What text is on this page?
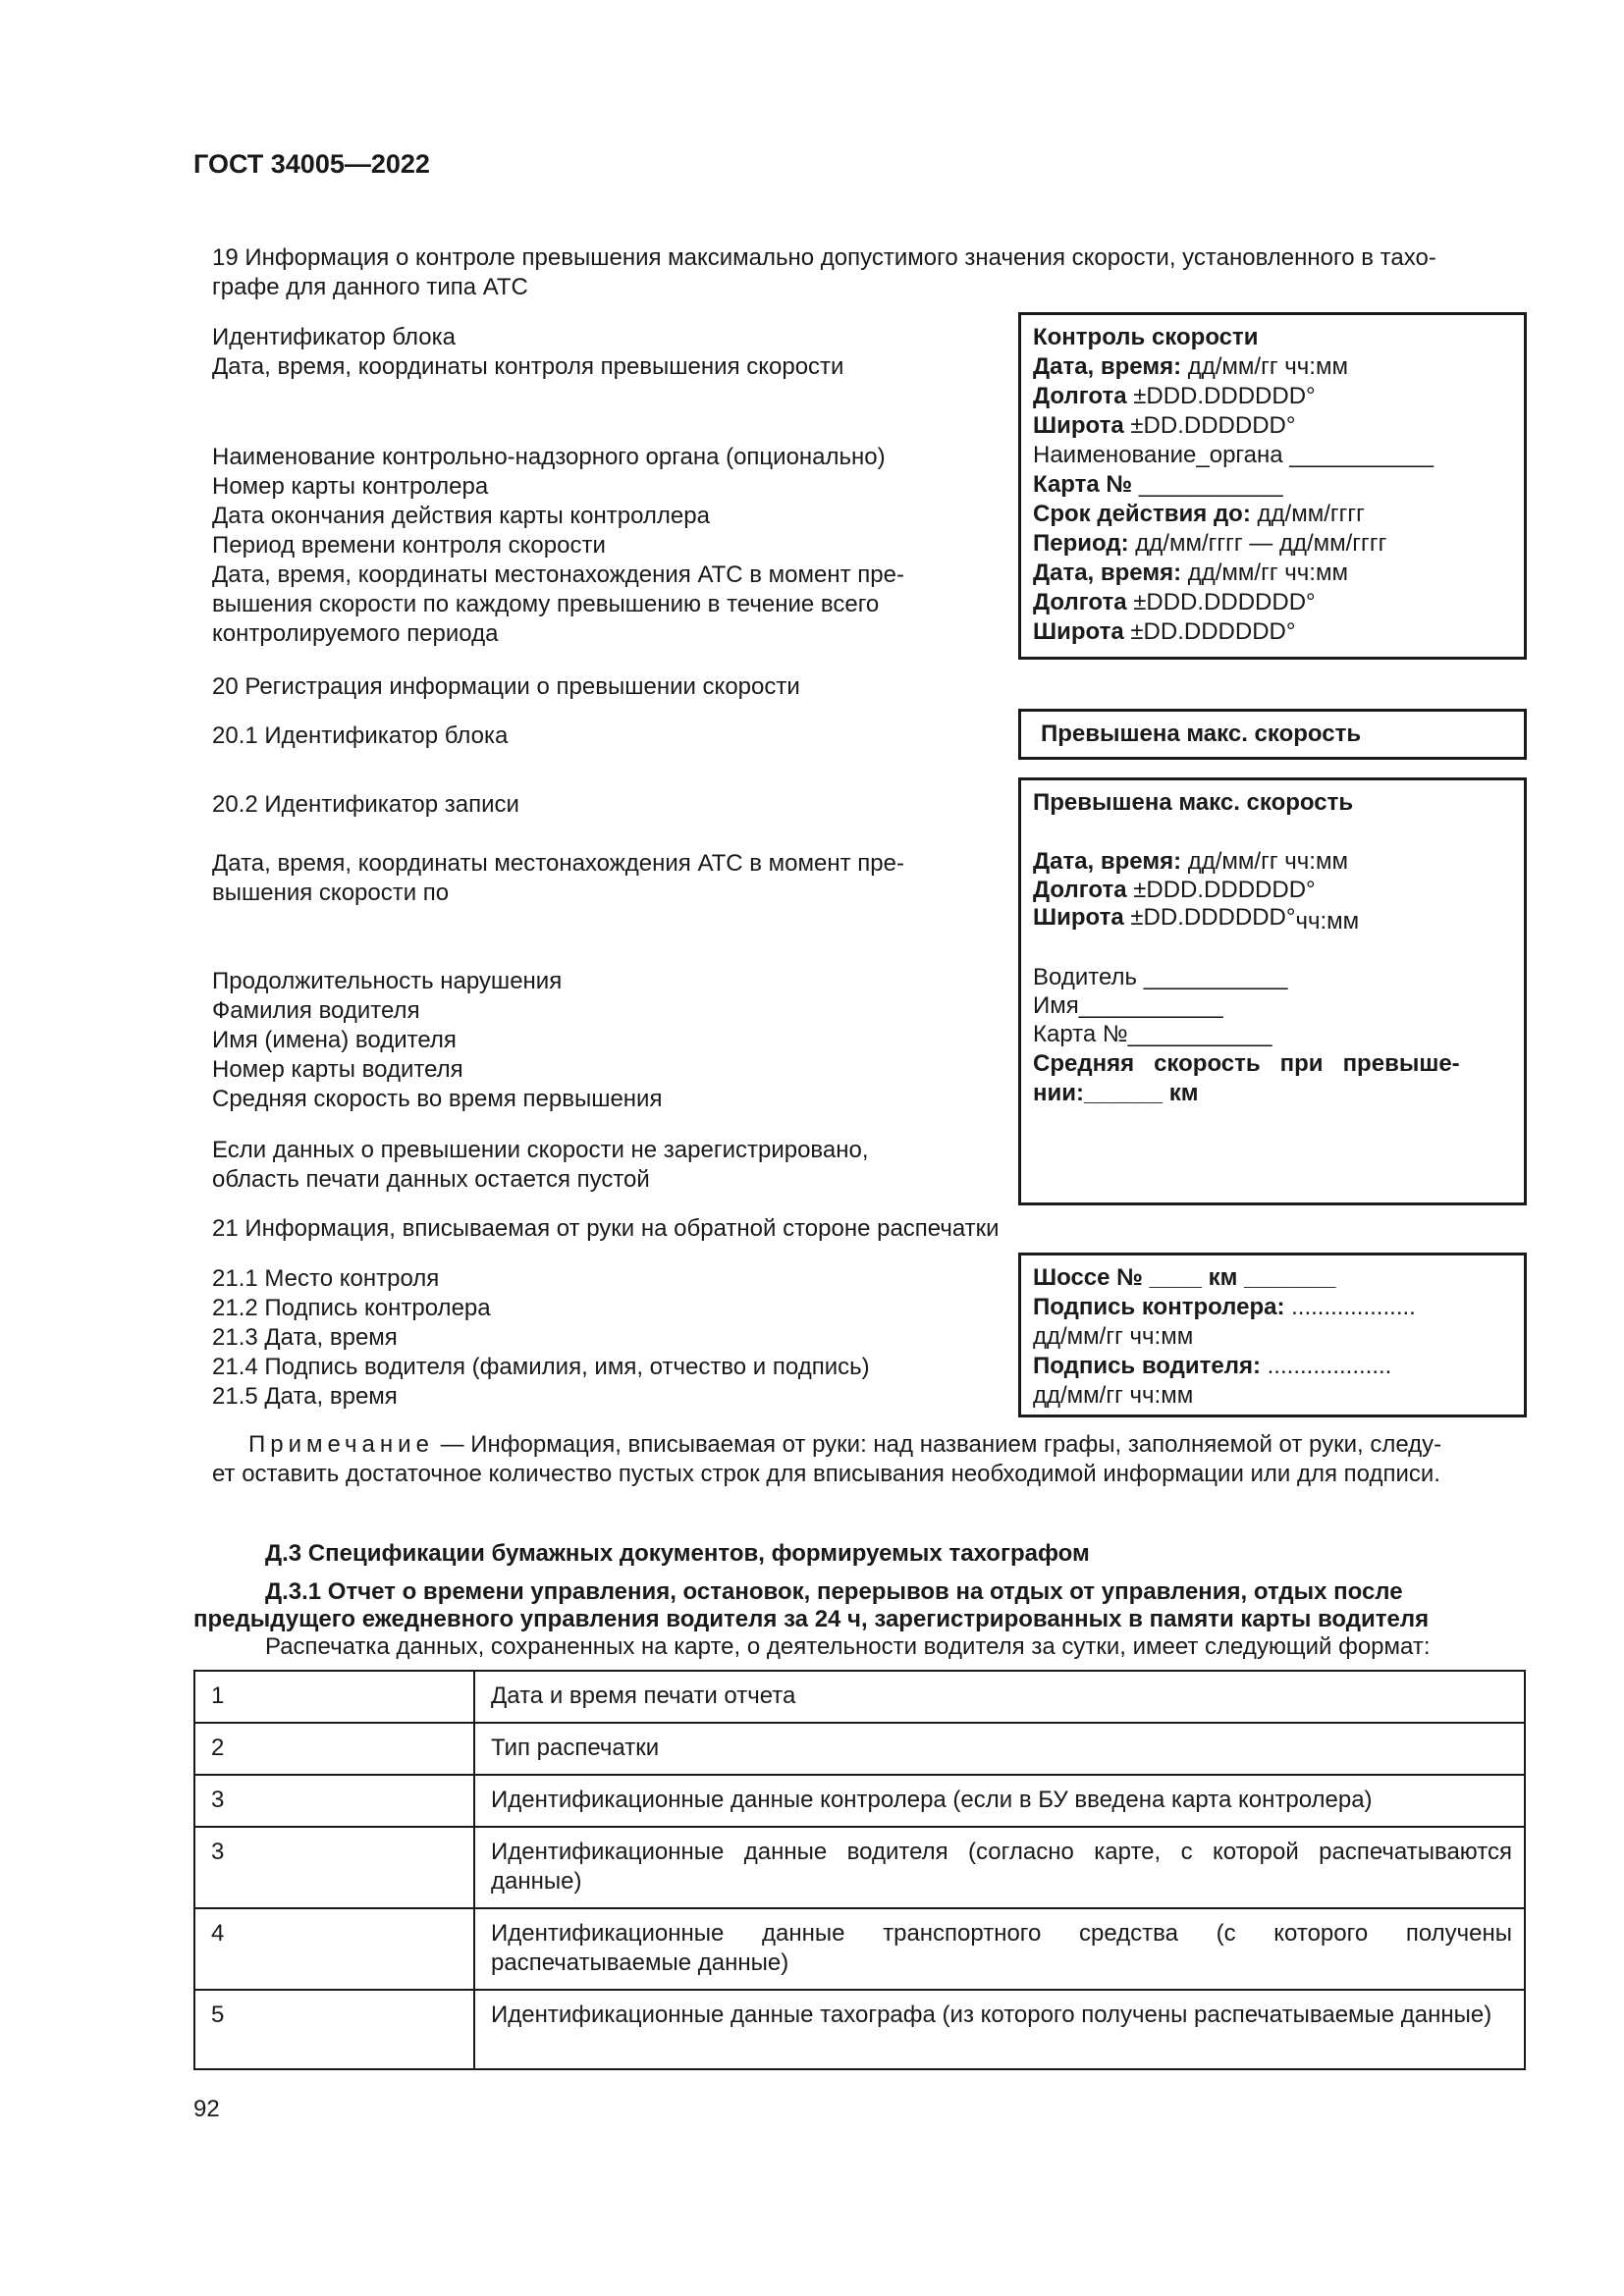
ГОСТ 34005—2022
19 Информация о контроле превышения максимально допустимого значения скорости, установленного в тахо-
графе для данного типа АТС
Идентификатор блока
Дата, время, координаты контроля превышения скорости
Наименование контрольно-надзорного органа (опционально)
Номер карты контролера
Дата окончания действия карты контроллера
Период времени контроля скорости
Дата, время, координаты местонахождения АТС в момент пре-
вышения скорости по каждому превышению в течение всего
контролируемого периода
Контроль скорости
Дата, время: дд/мм/гг чч:мм
Долгота ±DDD.DDDDDD°
Широта ±DD.DDDDDD°
Наименование_органа ___________
Карта № ___________
Срок действия до: дд/мм/гггг
Период: дд/мм/гггг — дд/мм/гггг
Дата, время: дд/мм/гг чч:мм
Долгота ±DDD.DDDDDD°
Широта ±DD.DDDDDD°
20 Регистрация информации о превышении скорости
20.1 Идентификатор блока	Превышена макс. скорость
20.2 Идентификатор записи
Дата, время, координаты местонахождения АТС в момент пре-
вышения скорости по
Продолжительность нарушения
Фамилия водителя
Имя (имена) водителя
Номер карты водителя
Средняя скорость во время первышения
Если данных о превышении скорости не зарегистрировано,
область печати данных остается пустой
Превышена макс. скорость
Дата, время: дд/мм/гг чч:мм
Долгота ±DDD.DDDDDD°
Широта ±DD.DDDDDD°чч:мм
Водитель ___________
Имя___________
Карта №___________
Средняя   скорость   при   превыше-
нии:______ км
21 Информация, вписываемая от руки на обратной стороне распечатки
21.1 Место контроля
21.2 Подпись контролера
21.3 Дата, время
21.4 Подпись водителя (фамилия, имя, отчество и подпись)
21.5 Дата, время
Шоссе № ____ км _______
Подпись контролера: ...................
дд/мм/гг чч:мм
Подпись водителя: ...................
дд/мм/гг чч:мм
Примечание — Информация, вписываемая от руки: над названием графы, заполняемой от руки, следу-
ет оставить достаточное количество пустых строк для вписывания необходимой информации или для подписи.
Д.3 Спецификации бумажных документов, формируемых тахографом
Д.3.1 Отчет о времени управления, остановок, перерывов на отдых от управления, отдых после
предыдущего ежедневного управления водителя за 24 ч, зарегистрированных в памяти карты водителя
Распечатка данных, сохраненных на карте, о деятельности водителя за сутки, имеет следующий формат:
1	Дата и время печати отчета
2	Тип распечатки
3	Идентификационные данные контролера (если в БУ введена карта контролера)
3	Идентификационные данные водителя (согласно карте, с которой распечатываются данные)
4	Идентификационные данные транспортного средства (с которого получены распечатываемые данные)
5	Идентификационные данные тахографа (из которого получены распечатываемые данные)
92
